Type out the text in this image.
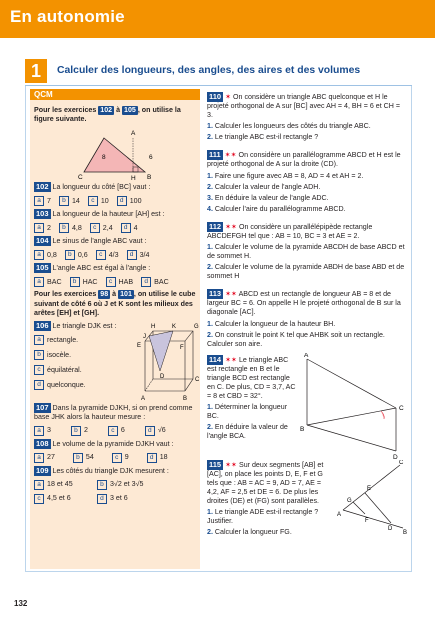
En autonomie
1	Calculer des longueurs, des angles, des aires et des volumes
QCM
Pour les exercices 102 à 105 , on utilise la figure suivante.
A
C	H B
8	6
102 La longueur du côté [BC] vaut :
a 7 b 14 c 10 d 100
103 La longueur de la hauteur [AH] est :
a 2 b 4,8 c 2,4 d 4
104 Le sinus de l'angle ABC vaut :
a 0,8 b 0,6 c 4/3 d 3/4
105 L'angle ABC est égal à l'angle :
a BAC b HAC c HAB d BAC
Pour les exercices 98 à 101 , on utilise le cube suivant de côté 6 où J et K sont les milieux des arêtes [EH] et [GH].
106 Le triangle DJK est :
a rectangle.
b isocèle.
c équilatéral.
d quelconque.
H	K	G
J
E	F
D	C
A	B
107 Dans la pyramide DJKH, si on prend comme base JHK alors la hauteur mesure :
a 3	b 2	c 6	d √6
108 Le volume de la pyramide DJKH vaut :
a 27	b 54	c 9	d 18
109 Les côtés du triangle DJK mesurent :
a 18 et 45	b 3√2 et 3√5
c 4,5 et 6	d 3 et 6
110 ✶ On considère un triangle ABC quelconque et H le projeté orthogonal de A sur [BC] avec AH = 4, BH = 6 et CH = 3.
1. Calculer les longueurs des côtés du triangle ABC.
2. Le triangle ABC est-il rectangle ?
111 ✶✶ On considère un parallélogramme ABCD et H est le projeté orthogonal de A sur la droite (CD).
1. Faire une figure avec AB = 8, AD = 4 et AH = 2.
2. Calculer la valeur de l'angle ADH.
3. En déduire la valeur de l'angle ADC.
4. Calculer l'aire du parallélogramme ABCD.
112 ✶✶ On considère un parallélépipède rectangle ABCDEFGH tel que : AB = 10, BC = 3 et AE = 2.
1. Calculer le volume de la pyramide ABCDH de base ABCD et de sommet H.
2. Calculer le volume de la pyramide ABDH de base ABD et de sommet H
113 ✶✶ ABCD est un rectangle de longueur AB = 8 et de largeur BC = 6. On appelle H le projeté orthogonal de B sur la diagonale [AC].
1. Calculer la longueur de la hauteur BH.
2. On construit le point K tel que AHBK soit un rectangle. Calculer son aire.
114 ✶✶ Le triangle ABC est rectangle en B et le triangle BCD est rectangle en C. De plus, CD = 3,7, AC = 8 et CBD = 32°.
1. Déterminer la longueur BC.
2. En déduire la valeur de l'angle BCA.
A
B
C
D
115 ✶✶ Sur deux segments [AB] et [AC], on place les points D, E, F et G tels que : AB = AC = 9, AD = 7, AE = 4,2, AF = 2,5 et DE = 6. De plus les droites (DE) et (FG) sont parallèles.
1. Le triangle ADE est-il rectangle ? Justifier.
2. Calculer la longueur FG.
C
E
G
A
F
D
B
132
